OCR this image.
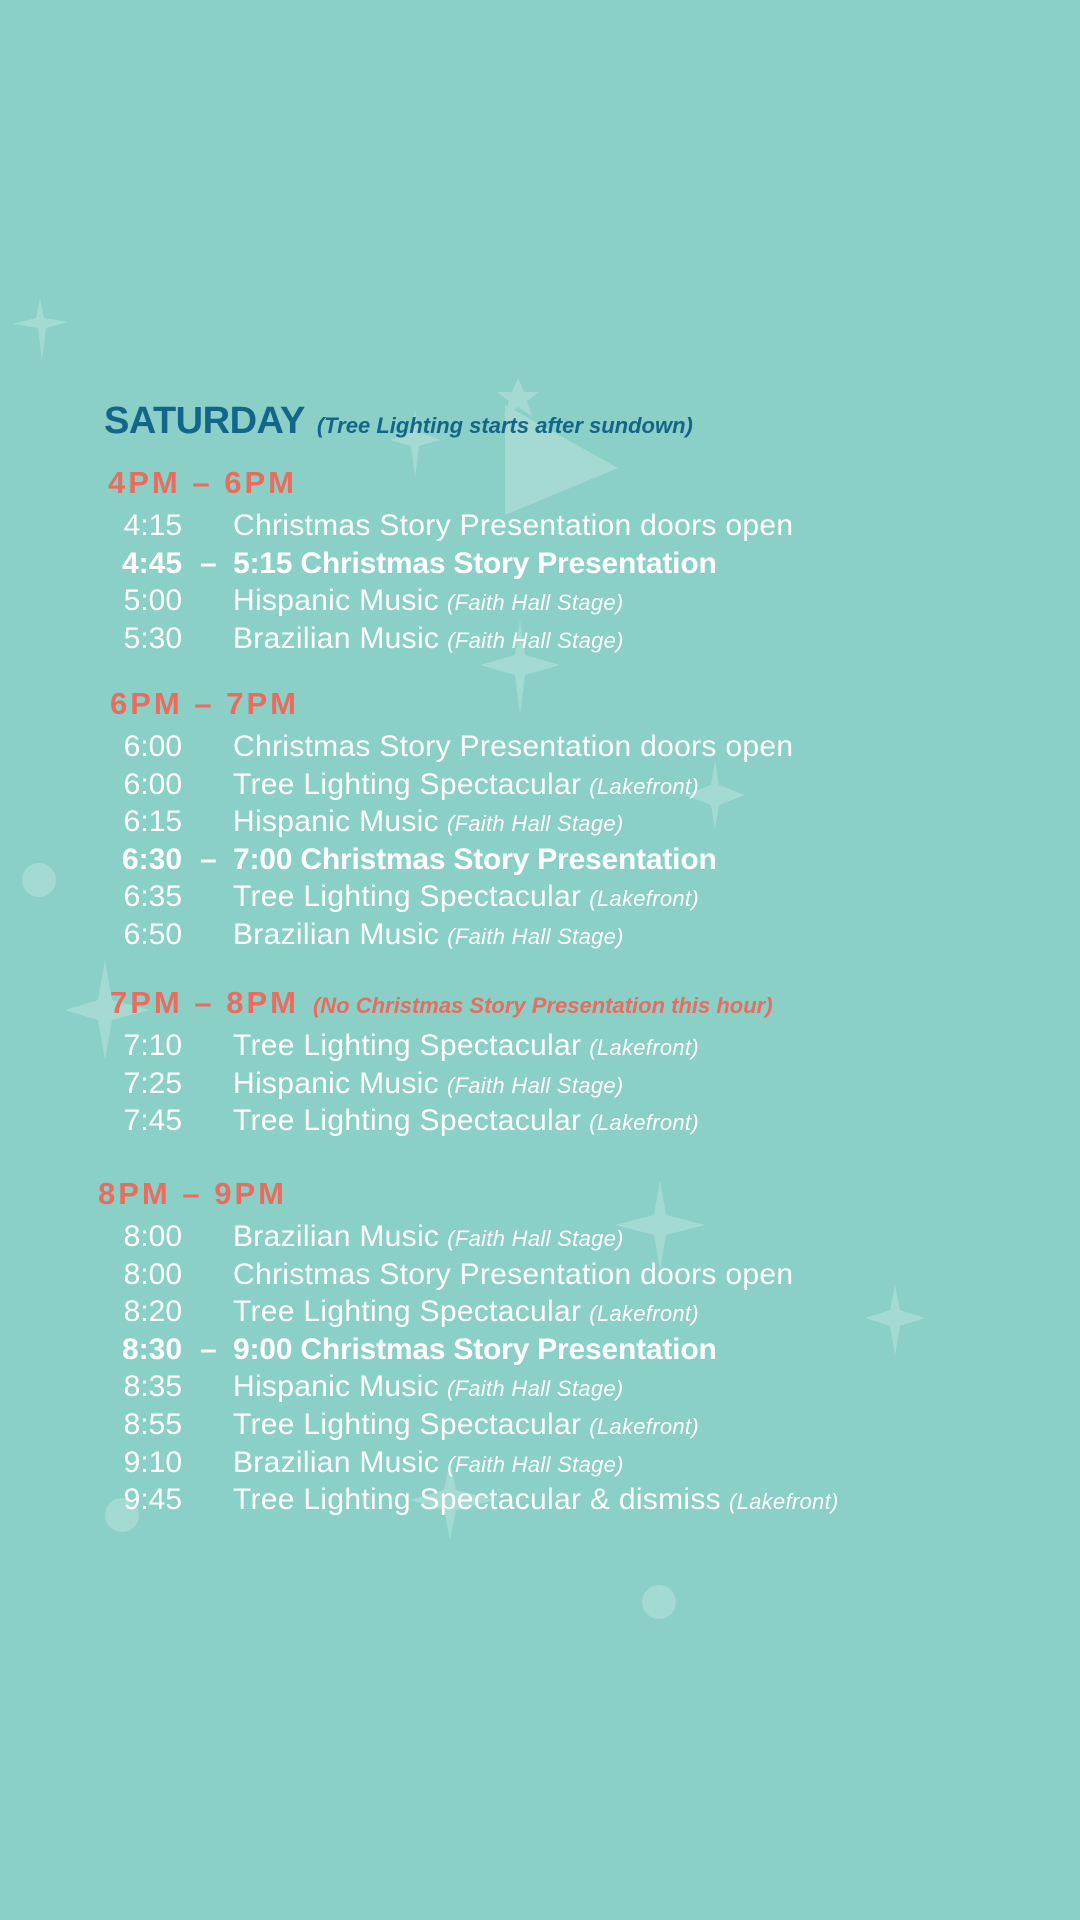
SATURDAY (Tree Lighting starts after sundown)
4PM – 6PM
4:15 Christmas Story Presentation doors open
4:45 – 5:15 Christmas Story Presentation
5:00 Hispanic Music (Faith Hall Stage)
5:30 Brazilian Music (Faith Hall Stage)
6PM – 7PM
6:00 Christmas Story Presentation doors open
6:00 Tree Lighting Spectacular (Lakefront)
6:15 Hispanic Music (Faith Hall Stage)
6:30 – 7:00 Christmas Story Presentation
6:35 Tree Lighting Spectacular (Lakefront)
6:50 Brazilian Music (Faith Hall Stage)
7PM – 8PM (No Christmas Story Presentation this hour)
7:10 Tree Lighting Spectacular (Lakefront)
7:25 Hispanic Music (Faith Hall Stage)
7:45 Tree Lighting Spectacular (Lakefront)
8PM – 9PM
8:00 Brazilian Music (Faith Hall Stage)
8:00 Christmas Story Presentation doors open
8:20 Tree Lighting Spectacular (Lakefront)
8:30 – 9:00 Christmas Story Presentation
8:35 Hispanic Music (Faith Hall Stage)
8:55 Tree Lighting Spectacular (Lakefront)
9:10 Brazilian Music (Faith Hall Stage)
9:45 Tree Lighting Spectacular & dismiss (Lakefront)
